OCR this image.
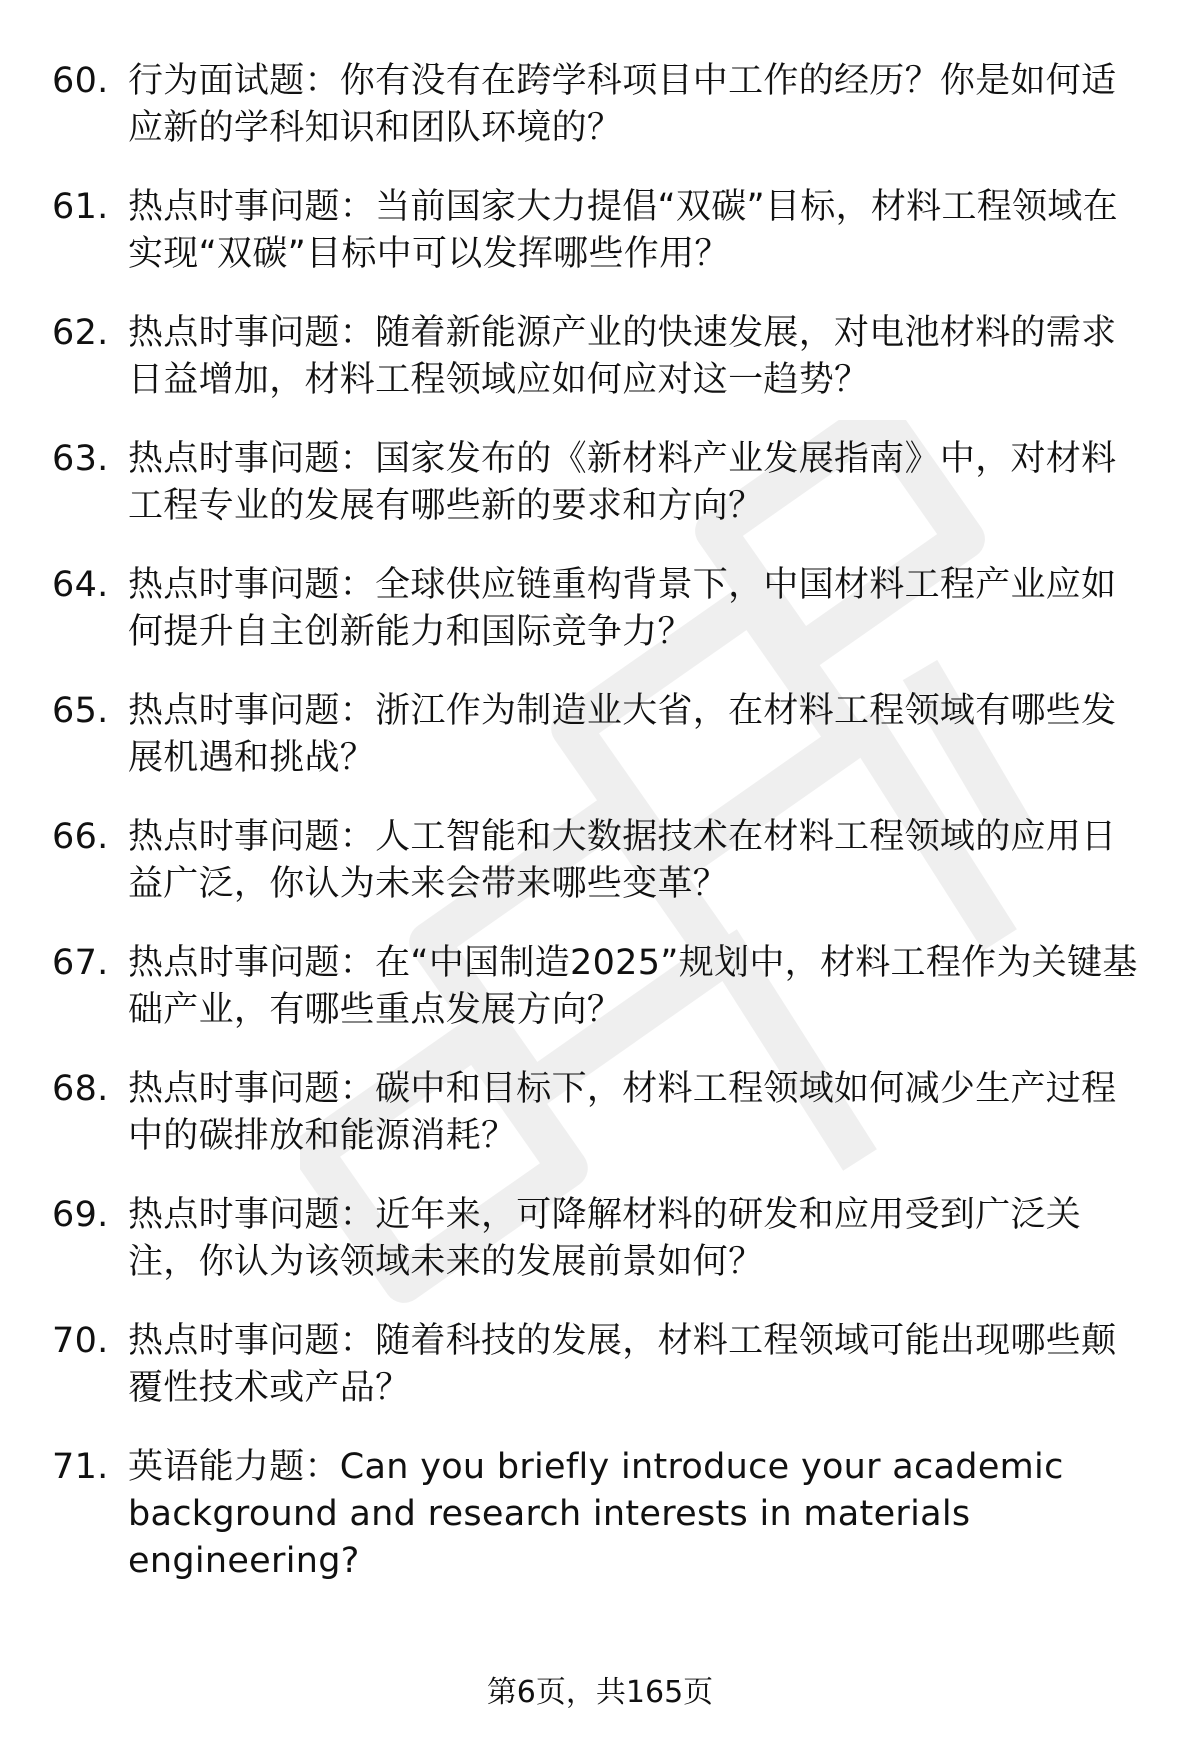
60. 行为面试题：你有没有在跨学科项目中工作的经历？你是如何适应新的学科知识和团队环境的？
61. 热点时事问题：当前国家大力提倡“双碳”目标，材料工程领域在实现“双碳”目标中可以发挥哪些作用？
62. 热点时事问题：随着新能源产业的快速发展，对电池材料的需求日益增加，材料工程领域应如何应对这一趋势？
63. 热点时事问题：国家发布的《新材料产业发展指南》中，对材料工程专业的发展有哪些新的要求和方向？
64. 热点时事问题：全球供应链重构背景下，中国材料工程产业应如何提升自主创新能力和国际竞争力？
65. 热点时事问题：浙江作为制造业大省，在材料工程领域有哪些发展机遇和挑战？
66. 热点时事问题：人工智能和大数据技术在材料工程领域的应用日益广泛，你认为未来会带来哪些变革？
67. 热点时事问题：在“中国制造2025”规划中，材料工程作为关键基础产业，有哪些重点发展方向？
68. 热点时事问题：碳中和目标下，材料工程领域如何减少生产过程中的碳排放和能源消耗？
69. 热点时事问题：近年来，可降解材料的研发和应用受到广泛关注，你认为该领域未来的发展前景如何？
70. 热点时事问题：随着科技的发展，材料工程领域可能出现哪些颠覆性技术或产品？
71. 英语能力题：Can you briefly introduce your academic background and research interests in materials engineering?
第6页，共165页
